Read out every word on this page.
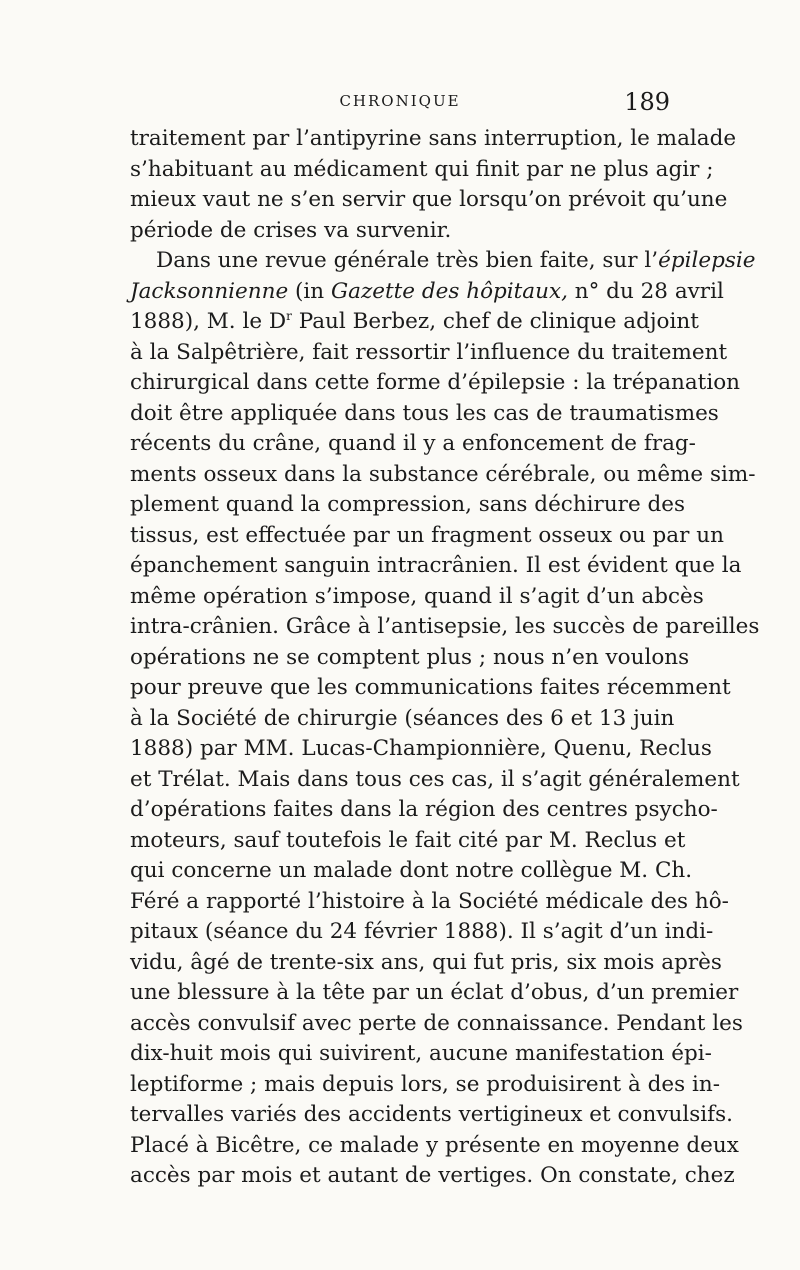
CHRONIQUE	189
traitement par l’antipyrine sans interruption, le malade
s’habituant au médicament qui finit par ne plus agir ;
mieux vaut ne s’en servir que lorsqu’on prévoit qu’une
période de crises va survenir.
Dans une revue générale très bien faite, sur l’épilepsie
Jacksonnienne (in Gazette des hôpitaux, n° du 28 avril
1888), M. le $D^r$ Paul Berbez, chef de clinique adjoint
à la Salpêtrière, fait ressortir l’influence du traitement
chirurgical dans cette forme d’épilepsie : la trépanation
doit être appliquée dans tous les cas de traumatismes
récents du crâne, quand il y a enfoncement de frag-
ments osseux dans la substance cérébrale, ou même sim-
plement quand la compression, sans déchirure des
tissus, est effectuée par un fragment osseux ou par un
épanchement sanguin intracrânien. Il est évident que la
même opération s’impose, quand il s’agit d’un abcès
intra-crânien. Grâce à l’antisepsie, les succès de pareilles
opérations ne se comptent plus ; nous n’en voulons
pour preuve que les communications faites récemment
à la Société de chirurgie (séances des 6 et 13 juin
1888) par MM. Lucas-Championnière, Quenu, Reclus
et Trélat. Mais dans tous ces cas, il s’agit généralement
d’opérations faites dans la région des centres psycho-
moteurs, sauf toutefois le fait cité par M. Reclus et
qui concerne un malade dont notre collègue M. Ch.
Féré a rapporté l’histoire à la Société médicale des hô-
pitaux (séance du 24 février 1888). Il s’agit d’un indi-
vidu, âgé de trente-six ans, qui fut pris, six mois après
une blessure à la tête par un éclat d’obus, d’un premier
accès convulsif avec perte de connaissance. Pendant les
dix-huit mois qui suivirent, aucune manifestation épi-
leptiforme ; mais depuis lors, se produisirent à des in-
tervalles variés des accidents vertigineux et convulsifs.
Placé à Bicêtre, ce malade y présente en moyenne deux
accès par mois et autant de vertiges. On constate, chez
